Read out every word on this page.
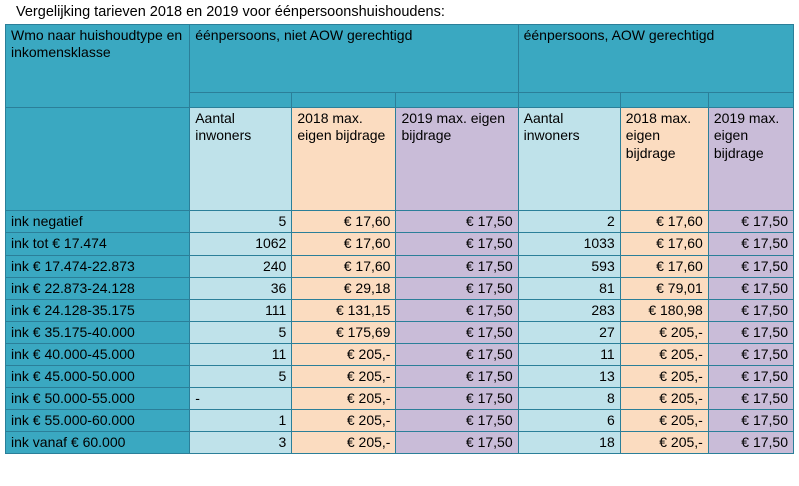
Vergelijking tarieven 2018 en 2019 voor éénpersoonshuishoudens:
Wmo naar huishoudtype en inkomensklasse	éénpersoons, niet AOW gerechtigd			éénpersoons, AOW gerechtigd		

	Aantal inwoners	2018 max. eigen bijdrage	2019 max. eigen bijdrage	Aantal inwoners	2018 max. eigen bijdrage	2019 max. eigen bijdrage
ink negatief	5	€ 17,60	€ 17,50	2	€ 17,60	€ 17,50
ink tot € 17.474	1062	€ 17,60	€ 17,50	1033	€ 17,60	€ 17,50
ink € 17.474-22.873	240	€ 17,60	€ 17,50	593	€ 17,60	€ 17,50
ink € 22.873-24.128	36	€ 29,18	€ 17,50	81	€ 79,01	€ 17,50
ink € 24.128-35.175	111	€ 131,15	€ 17,50	283	€ 180,98	€ 17,50
ink € 35.175-40.000	5	€ 175,69	€ 17,50	27	€ 205,-	€ 17,50
ink € 40.000-45.000	11	€ 205,-	€ 17,50	11	€ 205,-	€ 17,50
ink € 45.000-50.000	5	€ 205,-	€ 17,50	13	€ 205,-	€ 17,50
ink € 50.000-55.000	-	€ 205,-	€ 17,50	8	€ 205,-	€ 17,50
ink € 55.000-60.000	1	€ 205,-	€ 17,50	6	€ 205,-	€ 17,50
ink vanaf € 60.000	3	€ 205,-	€ 17,50	18	€ 205,-	€ 17,50
